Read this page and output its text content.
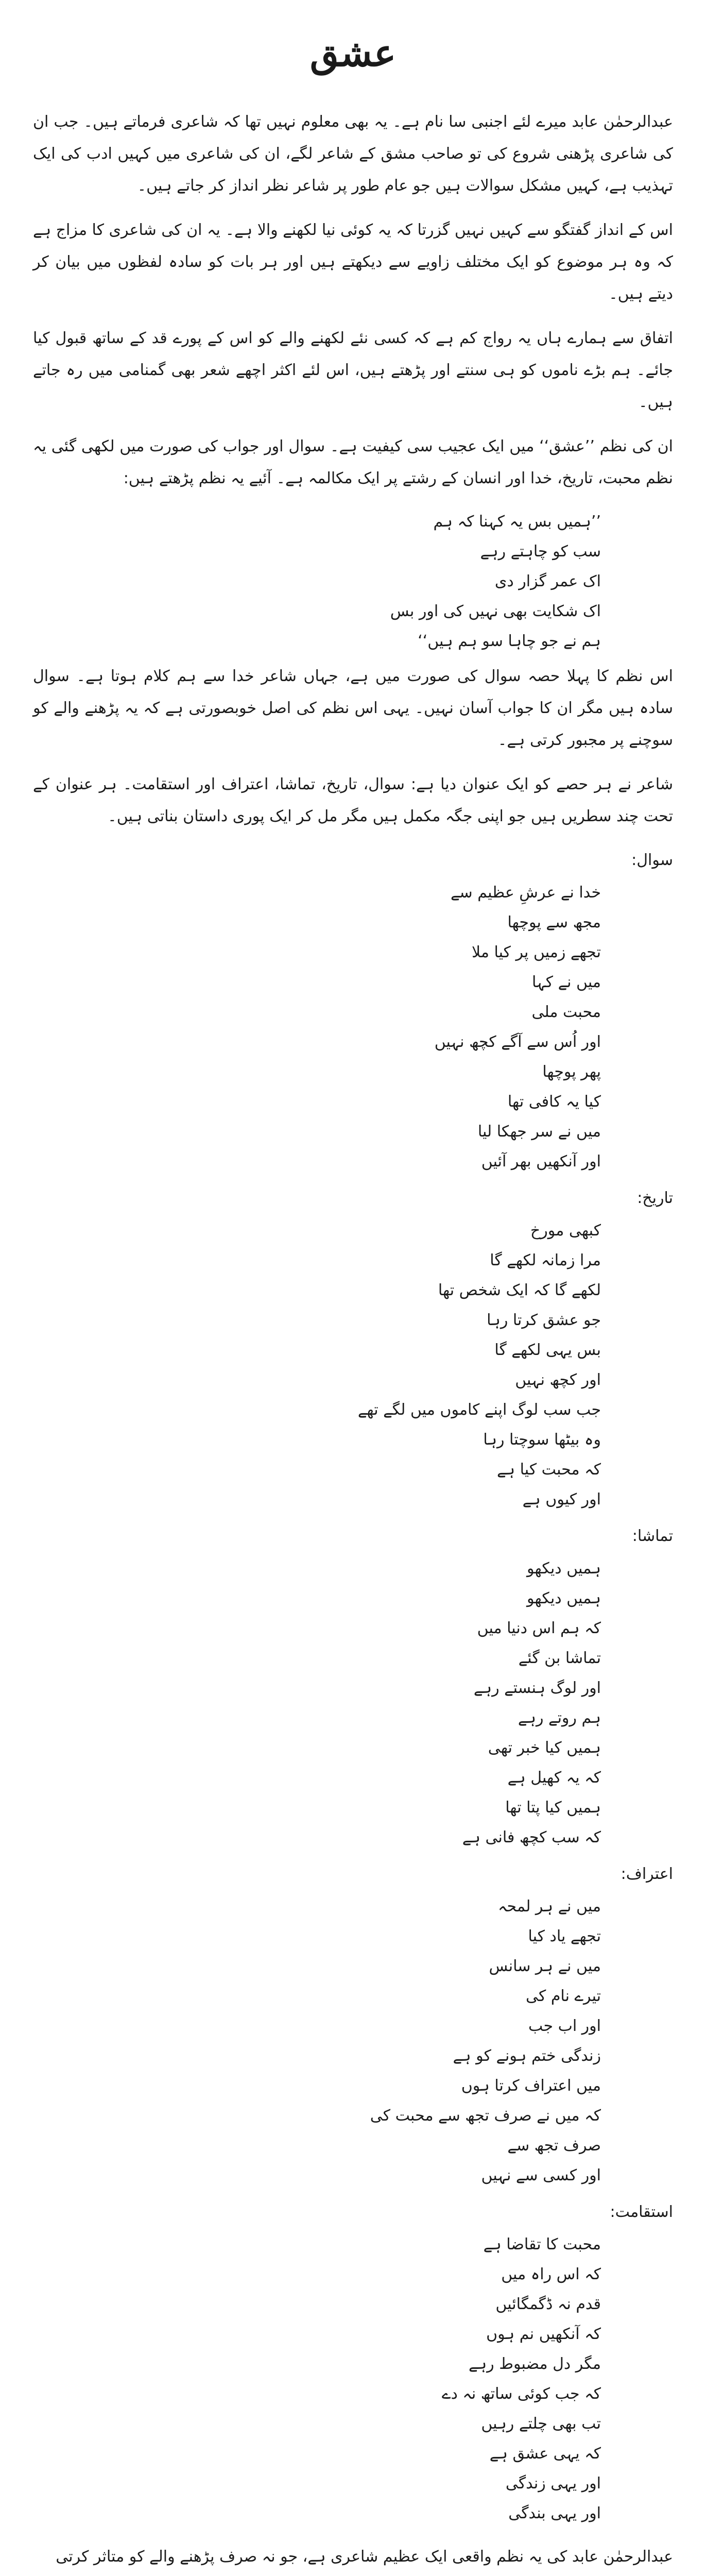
عشق

عبدالرحمٰن عابد میرے لئے اجنبی سا نام ہے۔ یہ بھی معلوم نہیں تھا کہ شاعری فرماتے ہیں۔ جب ان کی شاعری پڑھنی شروع کی تو صاحب مشق کے شاعر لگے، ان کی شاعری میں کہیں ادب کی ایک تہذیب ہے، کہیں مشکل سوالات ہیں جو عام طور پر شاعر نظر انداز کر جاتے ہیں۔

اس کے انداز گفتگو سے کہیں نہیں گزرتا کہ یہ کوئی نیا لکھنے والا ہے۔ یہ ان کی شاعری کا مزاج ہے کہ وہ ہر موضوع کو ایک مختلف زاویے سے دیکھتے ہیں اور ہر بات کو سادہ لفظوں میں بیان کر دیتے ہیں۔

اتفاق سے ہمارے ہاں یہ رواج کم ہے کہ کسی نئے لکھنے والے کو اس کے پورے قد کے ساتھ قبول کیا جائے۔ ہم بڑے ناموں کو ہی سنتے اور پڑھتے ہیں، اس لئے اکثر اچھے شعر بھی گمنامی میں رہ جاتے ہیں۔

ان کی نظم ’’عشق‘‘ میں ایک عجیب سی کیفیت ہے۔ سوال اور جواب کی صورت میں لکھی گئی یہ نظم محبت، تاریخ، خدا اور انسان کے رشتے پر ایک مکالمہ ہے۔ آئیے یہ نظم پڑھتے ہیں:

’’ہمیں بس یہ کہنا کہ ہم
سب کو چاہتے رہے
اک عمر گزار دی
اک شکایت بھی نہیں کی اور بس
ہم نے جو چاہا سو ہم ہیں‘‘

اس نظم کا پہلا حصہ سوال کی صورت میں ہے، جہاں شاعر خدا سے ہم کلام ہوتا ہے۔ سوال سادہ ہیں مگر ان کا جواب آسان نہیں۔ یہی اس نظم کی اصل خوبصورتی ہے کہ یہ پڑھنے والے کو سوچنے پر مجبور کرتی ہے۔

شاعر نے ہر حصے کو ایک عنوان دیا ہے: سوال، تاریخ، تماشا، اعتراف اور استقامت۔ ہر عنوان کے تحت چند سطریں ہیں جو اپنی جگہ مکمل ہیں مگر مل کر ایک پوری داستان بناتی ہیں۔

سوال:
خدا نے عرشِ عظیم سے
مجھ سے پوچھا
تجھے زمیں پر کیا ملا
میں نے کہا
محبت ملی
اور اُس سے آگے کچھ نہیں
پھر پوچھا
کیا یہ کافی تھا
میں نے سر جھکا لیا
اور آنکھیں بھر آئیں
تاریخ:
کبھی مورخ
مرا زمانہ لکھے گا
لکھے گا کہ ایک شخص تھا
جو عشق کرتا رہا
بس یہی لکھے گا
اور کچھ نہیں
جب سب لوگ اپنے کاموں میں لگے تھے
وہ بیٹھا سوچتا رہا
کہ محبت کیا ہے
اور کیوں ہے
تماشا:
ہمیں دیکھو
ہمیں دیکھو
کہ ہم اس دنیا میں
تماشا بن گئے
اور لوگ ہنستے رہے
ہم روتے رہے
ہمیں کیا خبر تھی
کہ یہ کھیل ہے
ہمیں کیا پتا تھا
کہ سب کچھ فانی ہے
اعتراف:
میں نے ہر لمحہ
تجھے یاد کیا
میں نے ہر سانس
تیرے نام کی
اور اب جب
زندگی ختم ہونے کو ہے
میں اعتراف کرتا ہوں
کہ میں نے صرف تجھ سے محبت کی
صرف تجھ سے
اور کسی سے نہیں
استقامت:
محبت کا تقاضا ہے
کہ اس راہ میں
قدم نہ ڈگمگائیں
کہ آنکھیں نم ہوں
مگر دل مضبوط رہے
کہ جب کوئی ساتھ نہ دے
تب بھی چلتے رہیں
کہ یہی عشق ہے
اور یہی زندگی
اور یہی بندگی

عبدالرحمٰن عابد کی یہ نظم واقعی ایک عظیم شاعری ہے، جو نہ صرف پڑھنے والے کو متاثر کرتی
